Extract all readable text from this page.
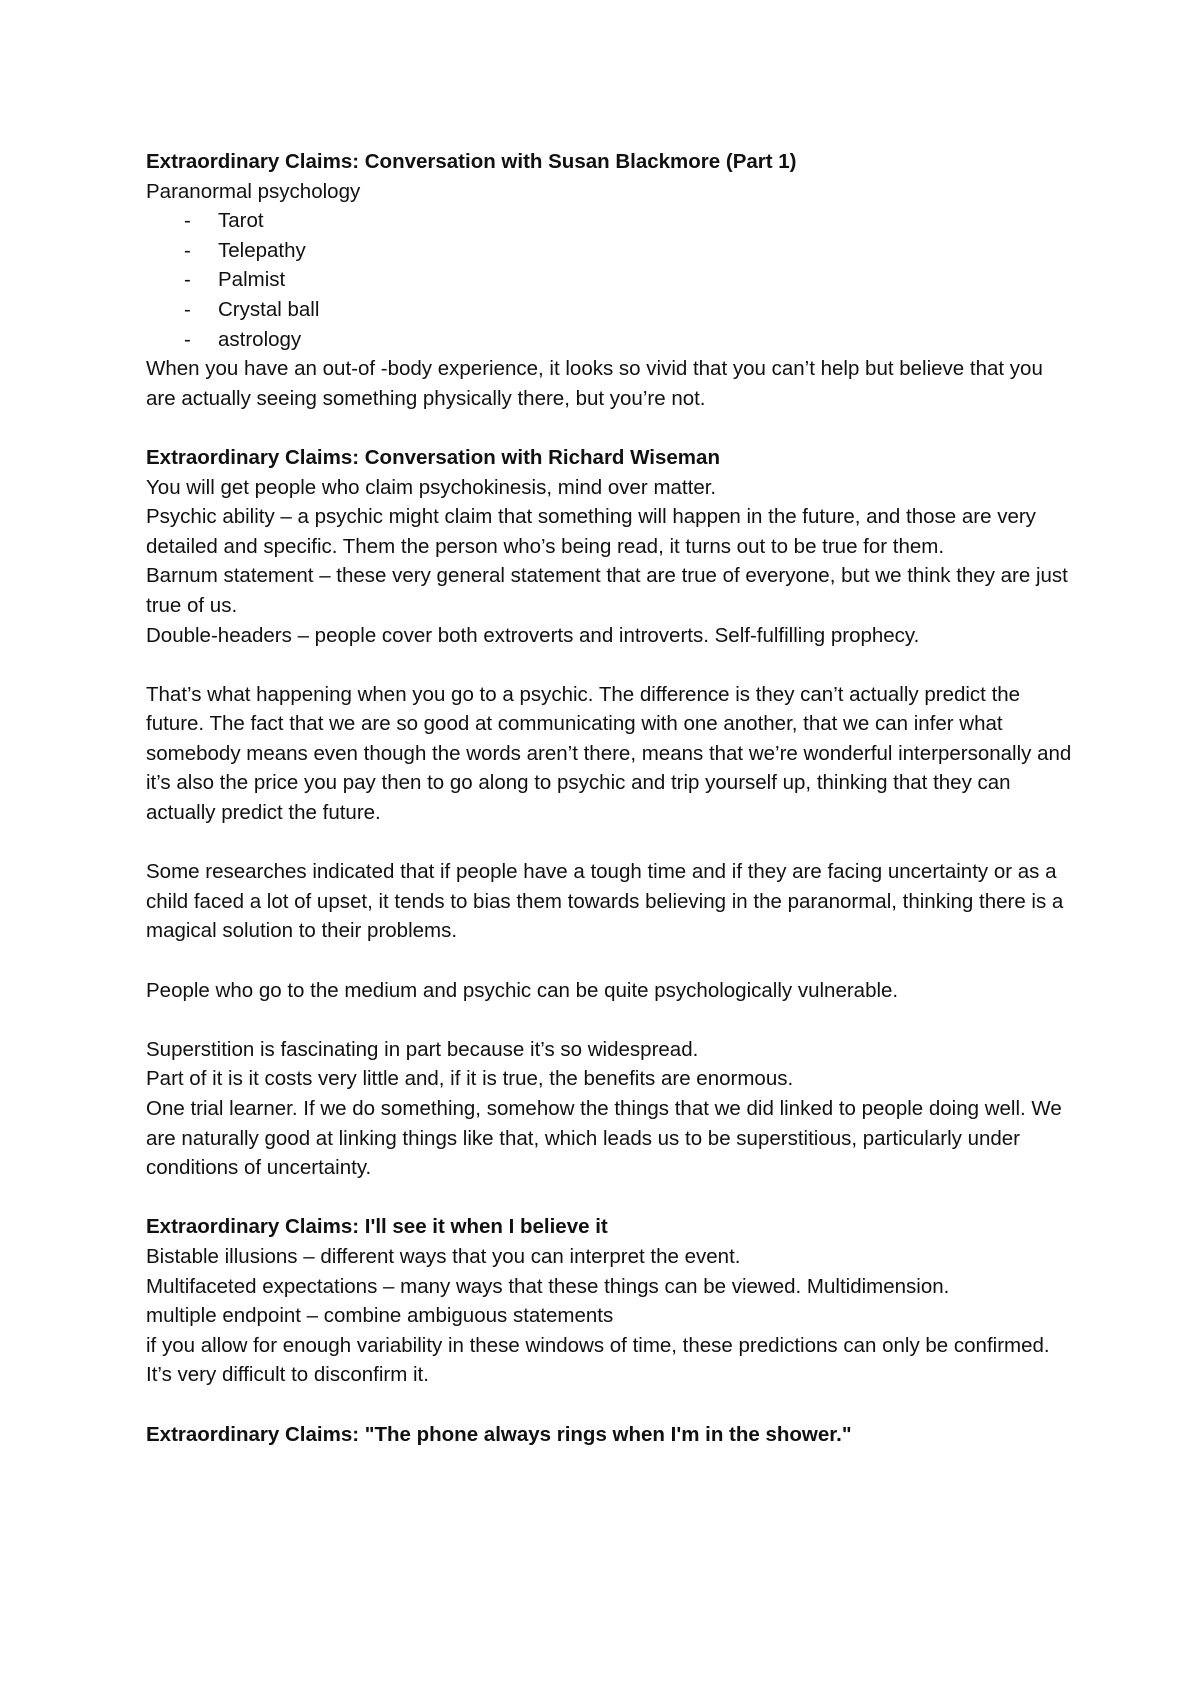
Extraordinary Claims: Conversation with Susan Blackmore (Part 1)

Paranormal psychology

- Tarot
- Telepathy
- Palmist
- Crystal ball
- astrology

When you have an out-of -body experience, it looks so vivid that you can’t help but believe that you are actually seeing something physically there, but you’re not.

Extraordinary Claims: Conversation with Richard Wiseman

You will get people who claim psychokinesis, mind over matter.

Psychic ability – a psychic might claim that something will happen in the future, and those are very detailed and specific. Them the person who’s being read, it turns out to be true for them.

Barnum statement – these very general statement that are true of everyone, but we think they are just true of us.

Double-headers – people cover both extroverts and introverts. Self-fulfilling prophecy.

That’s what happening when you go to a psychic. The difference is they can’t actually predict the future. The fact that we are so good at communicating with one another, that we can infer what somebody means even though the words aren’t there, means that we’re wonderful interpersonally and it’s also the price you pay then to go along to psychic and trip yourself up, thinking that they can actually predict the future.

Some researches indicated that if people have a tough time and if they are facing uncertainty or as a child faced a lot of upset, it tends to bias them towards believing in the paranormal, thinking there is a magical solution to their problems.

People who go to the medium and psychic can be quite psychologically vulnerable.

Superstition is fascinating in part because it’s so widespread.

Part of it is it costs very little and, if it is true, the benefits are enormous.

One trial learner. If we do something, somehow the things that we did linked to people doing well. We are naturally good at linking things like that, which leads us to be superstitious, particularly under conditions of uncertainty.

Extraordinary Claims: I'll see it when I believe it

Bistable illusions – different ways that you can interpret the event.

Multifaceted expectations – many ways that these things can be viewed. Multidimension.

multiple endpoint – combine ambiguous statements

if you allow for enough variability in these windows of time, these predictions can only be confirmed. It’s very difficult to disconfirm it.

Extraordinary Claims: "The phone always rings when I'm in the shower."
